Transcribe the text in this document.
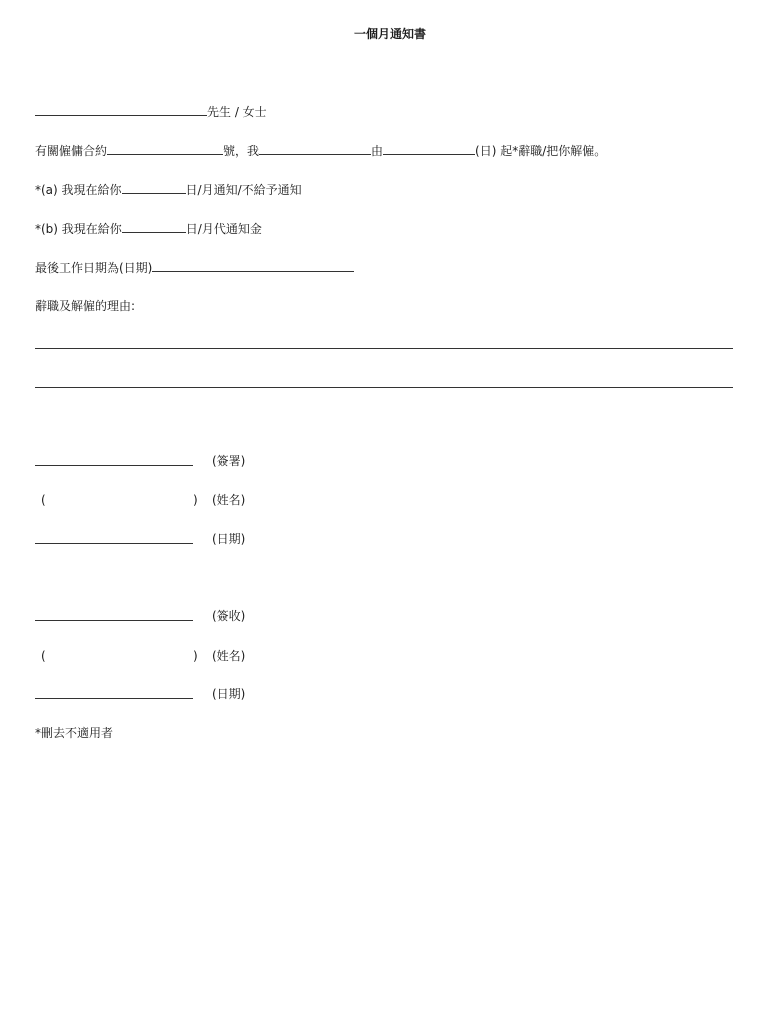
一個月通知書
先生 / 女士
有關僱傭合約	號，我	由	(日) 起*辭職/把你解僱。
*(a) 我現在給你	日/月通知/不給予通知
*(b) 我現在給你	日/月代通知金
最後工作日期為(日期)
辭職及解僱的理由:
(簽署)
(	) (姓名)
(日期)
(簽收)
(	) (姓名)
(日期)
*刪去不適用者
